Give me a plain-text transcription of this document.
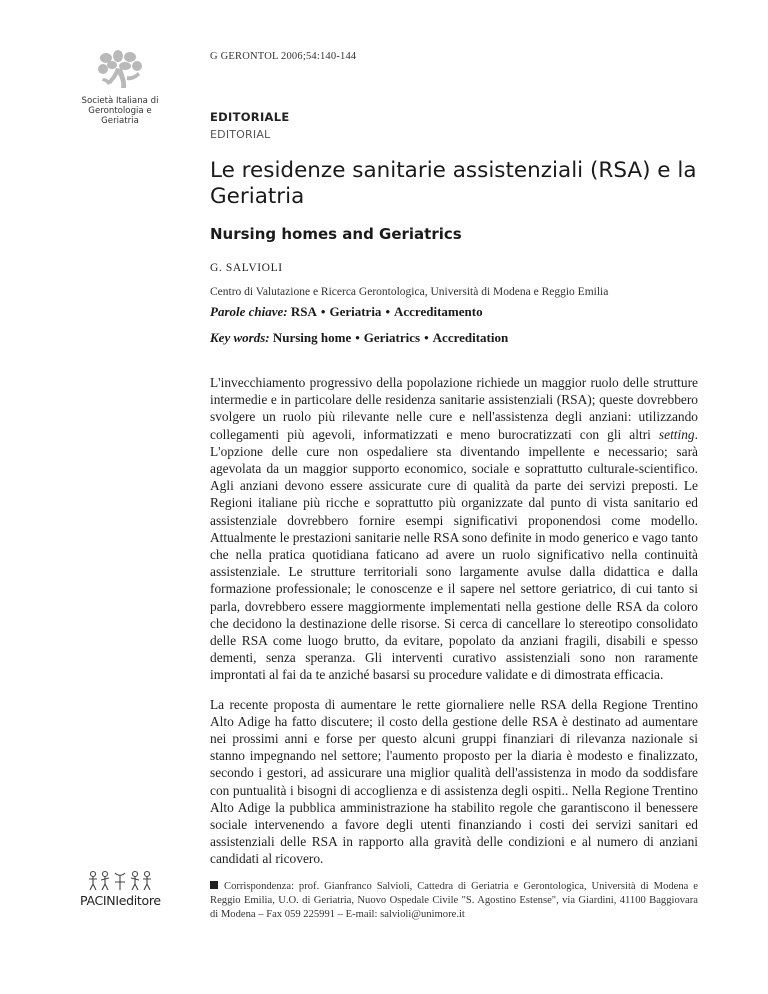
Società Italiana di
Gerontologia e
Geriatria
G GERONTOL 2006;54:140-144
EDITORIALE
EDITORIAL
Le residenze sanitarie assistenziali (RSA) e la Geriatria
Nursing homes and Geriatrics
G. SALVIOLI
Centro di Valutazione e Ricerca Gerontologica, Università di Modena e Reggio Emilia
Parole chiave: RSA • Geriatria • Accreditamento
Key words: Nursing home • Geriatrics • Accreditation

L'invecchiamento progressivo della popolazione richiede un maggior ruolo delle strutture intermedie e in particolare delle residenza sanitarie assistenziali (RSA); queste dovrebbero svolgere un ruolo più rilevante nelle cure e nell'assistenza degli anziani: utilizzando collegamenti più agevoli, informatizzati e meno burocratizzati con gli altri setting. L'opzione delle cure non ospedaliere sta diventando impellente e necessario; sarà agevolata da un maggior supporto economico, sociale e soprattutto culturale-scientifico. Agli anziani devono essere assicurate cure di qualità da parte dei servizi preposti. Le Regioni italiane più ricche e soprattutto più organizzate dal punto di vista sanitario ed assistenziale dovrebbero fornire esempi significativi proponendosi come modello. Attualmente le prestazioni sanitarie nelle RSA sono definite in modo generico e vago tanto che nella pratica quotidiana faticano ad avere un ruolo significativo nella continuità assistenziale. Le strutture territoriali sono largamente avulse dalla didattica e dalla formazione professionale; le conoscenze e il sapere nel settore geriatrico, di cui tanto si parla, dovrebbero essere maggiormente implementati nella gestione delle RSA da coloro che decidono la destinazione delle risorse. Si cerca di cancellare lo stereotipo consolidato delle RSA come luogo brutto, da evitare, popolato da anziani fragili, disabili e spesso dementi, senza speranza. Gli interventi curativo assistenziali sono non raramente improntati al fai da te anziché basarsi su procedure validate e di dimostrata efficacia.

La recente proposta di aumentare le rette giornaliere nelle RSA della Regione Trentino Alto Adige ha fatto discutere; il costo della gestione delle RSA è destinato ad aumentare nei prossimi anni e forse per questo alcuni gruppi finanziari di rilevanza nazionale si stanno impegnando nel settore; l'aumento proposto per la diaria è modesto e finalizzato, secondo i gestori, ad assicurare una miglior qualità dell'assistenza in modo da soddisfare con puntualità i bisogni di accoglienza e di assistenza degli ospiti.. Nella Regione Trentino Alto Adige la pubblica amministrazione ha stabilito regole che garantiscono il benessere sociale intervenendo a favore degli utenti finanziando i costi dei servizi sanitari ed assistenziali delle RSA in rapporto alla gravità delle condizioni e al numero di anziani candidati al ricovero.

PACINIeditore
Corrispondenza: prof. Gianfranco Salvioli, Cattedra di Geriatria e Gerontologica, Università di Modena e Reggio Emilia, U.O. di Geriatria, Nuovo Ospedale Civile "S. Agostino Estense", via Giardini, 41100 Baggiovara di Modena – Fax 059 225991 – E-mail: salvioli@unimore.it
